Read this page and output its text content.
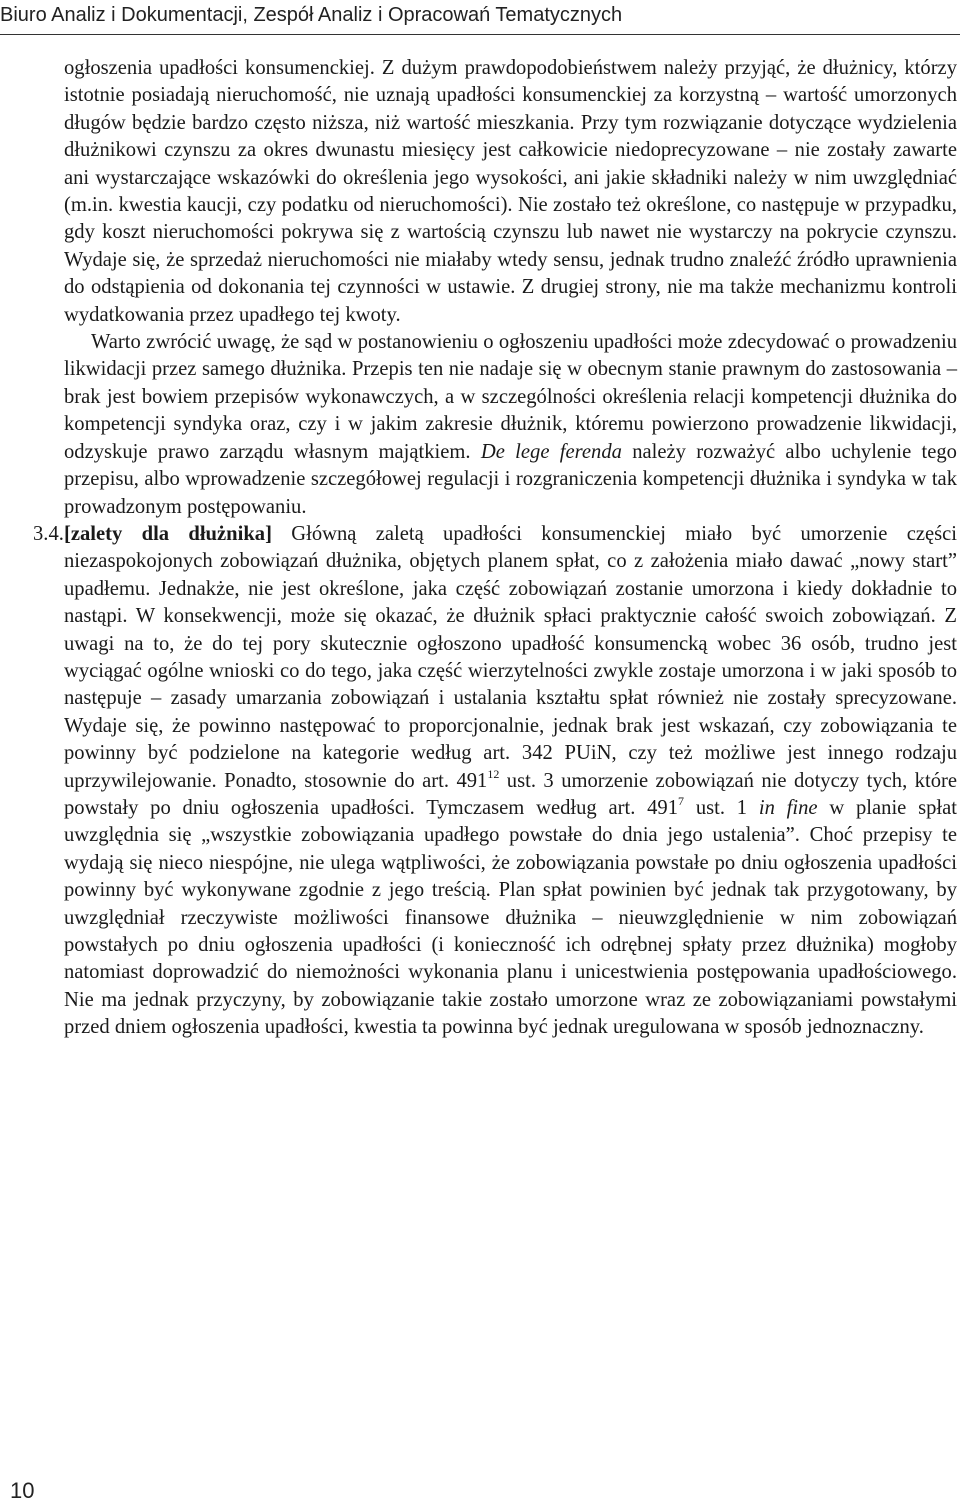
Biuro Analiz i Dokumentacji, Zespół Analiz i Opracowań Tematycznych

ogłoszenia upadłości konsumenckiej. Z dużym prawdopodobieństwem należy przyjąć, że dłużnicy, którzy istotnie posiadają nieruchomość, nie uznają upadłości konsumenckiej za korzystną – wartość umorzonych długów będzie bardzo często niższa, niż wartość mieszkania. Przy tym rozwiązanie dotyczące wydzielenia dłużnikowi czynszu za okres dwunastu miesięcy jest całkowicie niedoprecyzowane – nie zostały zawarte ani wystarczające wskazówki do określenia jego wysokości, ani jakie składniki należy w nim uwzględniać (m.in. kwestia kaucji, czy podatku od nieruchomości). Nie zostało też określone, co następuje w przypadku, gdy koszt nieruchomości pokrywa się z wartością czynszu lub nawet nie wystarczy na pokrycie czynszu. Wydaje się, że sprzedaż nieruchomości nie miałaby wtedy sensu, jednak trudno znaleźć źródło uprawnienia do odstąpienia od dokonania tej czynności w ustawie. Z drugiej strony, nie ma także mechanizmu kontroli wydatkowania przez upadłego tej kwoty.

Warto zwrócić uwagę, że sąd w postanowieniu o ogłoszeniu upadłości może zdecydować o prowadzeniu likwidacji przez samego dłużnika. Przepis ten nie nadaje się w obecnym stanie prawnym do zastosowania – brak jest bowiem przepisów wykonawczych, a w szczególności określenia relacji kompetencji dłużnika do kompetencji syndyka oraz, czy i w jakim zakresie dłużnik, któremu powierzono prowadzenie likwidacji, odzyskuje prawo zarządu własnym majątkiem. De lege ferenda należy rozważyć albo uchylenie tego przepisu, albo wprowadzenie szczegółowej regulacji i rozgraniczenia kompetencji dłużnika i syndyka w tak prowadzonym postępowaniu.

3.4. [zalety dla dłużnika] Główną zaletą upadłości konsumenckiej miało być umorzenie części niezaspokojonych zobowiązań dłużnika, objętych planem spłat, co z założenia miało dawać „nowy start” upadłemu. Jednakże, nie jest określone, jaka część zobowiązań zostanie umorzona i kiedy dokładnie to nastąpi. W konsekwencji, może się okazać, że dłużnik spłaci praktycznie całość swoich zobowiązań. Z uwagi na to, że do tej pory skutecznie ogłoszono upadłość konsumencką wobec 36 osób, trudno jest wyciągać ogólne wnioski co do tego, jaka część wierzytelności zwykle zostaje umorzona i w jaki sposób to następuje – zasady umarzania zobowiązań i ustalania kształtu spłat również nie zostały sprecyzowane. Wydaje się, że powinno następować to proporcjonalnie, jednak brak jest wskazań, czy zobowiązania te powinny być podzielone na kategorie według art. 342 PUiN, czy też możliwe jest innego rodzaju uprzywilejowanie. Ponadto, stosownie do art. $491^{12}$ ust. 3 umorzenie zobowiązań nie dotyczy tych, które powstały po dniu ogłoszenia upadłości. Tymczasem według art. $491^7$ ust. 1 in fine w planie spłat uwzględnia się „wszystkie zobowiązania upadłego powstałe do dnia jego ustalenia”. Choć przepisy te wydają się nieco niespójne, nie ulega wątpliwości, że zobowiązania powstałe po dniu ogłoszenia upadłości powinny być wykonywane zgodnie z jego treścią. Plan spłat powinien być jednak tak przygotowany, by uwzględniał rzeczywiste możliwości finansowe dłużnika – nieuwzględnienie w nim zobowiązań powstałych po dniu ogłoszenia upadłości (i konieczność ich odrębnej spłaty przez dłużnika) mogłoby natomiast doprowadzić do niemożności wykonania planu i unicestwienia postępowania upadłościowego. Nie ma jednak przyczyny, by zobowiązanie takie zostało umorzone wraz ze zobowiązaniami powstałymi przed dniem ogłoszenia upadłości, kwestia ta powinna być jednak uregulowana w sposób jednoznaczny.

10
